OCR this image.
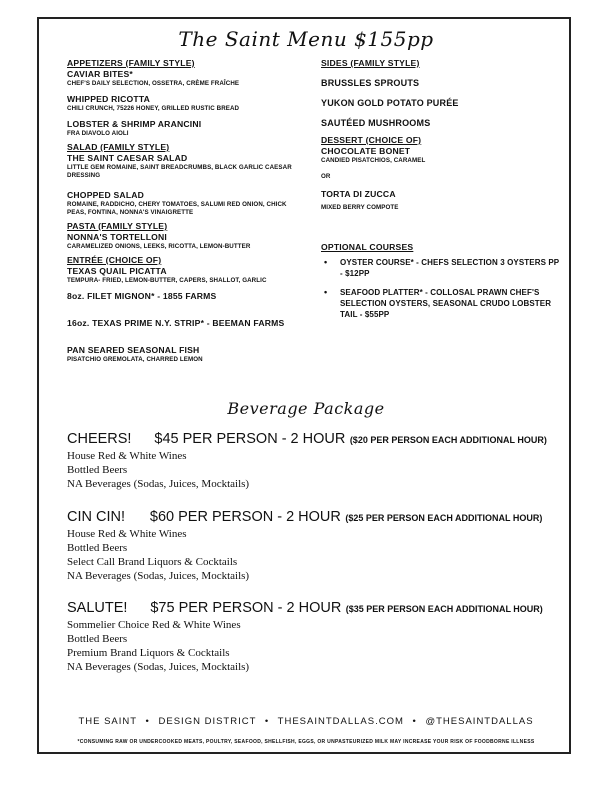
The Saint Menu $155pp
APPETIZERS (FAMILY STYLE)
CAVIAR BITES*
CHEF'S DAILY SELECTION, OSSETRA, CRÈME FRAÎCHE
WHIPPED RICOTTA
CHILI CRUNCH, 75226 HONEY, GRILLED RUSTIC BREAD
LOBSTER & SHRIMP ARANCINI
FRA DIAVOLO AIOLI
SALAD (FAMILY STYLE)
THE SAINT CAESAR SALAD
LITTLE GEM ROMAINE, SAINT BREADCRUMBS, BLACK GARLIC CAESAR DRESSING
CHOPPED SALAD
ROMAINE, RADDICHO, CHERY TOMATOES, SALUMI RED ONION, CHICK PEAS, FONTINA, NONNA'S VINAIGRETTE
PASTA (FAMILY STYLE)
NONNA'S TORTELLONI
CARAMELIZED ONIONS, LEEKS, RICOTTA, LEMON-BUTTER
ENTRÉE (CHOICE OF)
TEXAS QUAIL PICATTA
TEMPURA- FRIED, LEMON-BUTTER, CAPERS, SHALLOT, GARLIC
8oz. FILET MIGNON* - 1855 FARMS
16oz. TEXAS PRIME N.Y. STRIP* - BEEMAN FARMS
PAN SEARED SEASONAL FISH
PISATCHIO GREMOLATA, CHARRED LEMON
SIDES (FAMILY STYLE)
BRUSSLES SPROUTS
YUKON GOLD POTATO PURÉE
SAUTÉED MUSHROOMS
DESSERT (CHOICE OF)
CHOCOLATE BONET
CANDIED PISATCHIOS, CARAMEL
OR
TORTA DI ZUCCA
MIXED BERRY COMPOTE
OPTIONAL COURSES
• OYSTER COURSE* - CHEFS SELECTION 3 OYSTERS PP - $12PP
• SEAFOOD PLATTER* - COLLOSAL PRAWN CHEF'S SELECTION OYSTERS, SEASONAL CRUDO LOBSTER TAIL - $55PP
Beverage Package
CHEERS! $45 PER PERSON - 2 HOUR ($20 PER PERSON EACH ADDITIONAL HOUR)
House Red & White Wines
Bottled Beers
NA Beverages (Sodas, Juices, Mocktails)
CIN CIN! $60 PER PERSON - 2 HOUR ($25 PER PERSON EACH ADDITIONAL HOUR)
House Red & White Wines
Bottled Beers
Select Call Brand Liquors & Cocktails
NA Beverages (Sodas, Juices, Mocktails)
SALUTE! $75 PER PERSON - 2 HOUR ($35 PER PERSON EACH ADDITIONAL HOUR)
Sommelier Choice Red & White Wines
Bottled Beers
Premium Brand Liquors & Cocktails
NA Beverages (Sodas, Juices, Mocktails)
THE SAINT • DESIGN DISTRICT • THESAINTDALLAS.COM • @THESAINTDALLAS
*CONSUMING RAW OR UNDERCOOKED MEATS, POULTRY, SEAFOOD, SHELLFISH, EGGS, OR UNPASTEURIZED MILK MAY INCREASE YOUR RISK OF FOODBORNE ILLNESS
